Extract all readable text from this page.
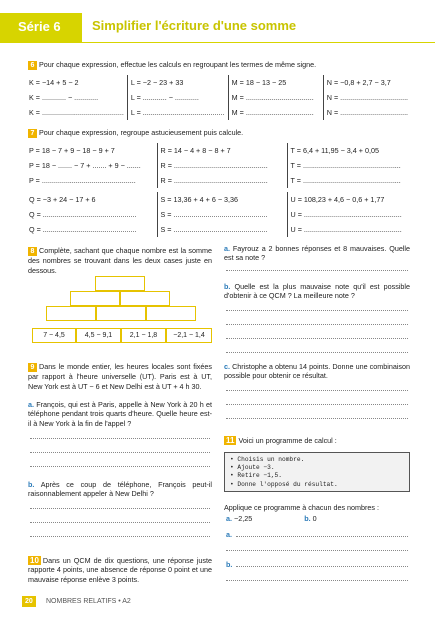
Série 6	Simplifier l'écriture d'une somme
6 Pour chaque expression, effectue les calculs en regroupant les termes de même signe.
K = −14 + 5 − 2	L = −2 − 23 + 33	M = 18 − 13 − 25	N = −0,8 + 2,7 − 3,7
K = ............ − ............	L = ............ − ............	M = ..................................	N = ..................................
K = .........................................	L = .........................................	M = ..................................	N = ..................................
7 Pour chaque expression, regroupe astucieusement puis calcule.
P = 18 − 7 + 9 − 18 − 9 + 7	R = 14 − 4 + 8 − 8 + 7	T = 6,4 + 11,95 − 3,4 + 0,05
P = 18 − ....... − 7 + ....... + 9 − .......	R = ...............................................	T = .................................................
P = ...............................................	R = ...............................................	T = .................................................
Q = −3 + 24 − 17 + 6	S = 13,36 + 4 + 6 − 3,36	U = 108,23 + 4,6 − 0,6 + 1,77
Q = ...............................................	S = ...............................................	U = .................................................
Q = ...............................................	S = ...............................................	U = .................................................
8 Complète, sachant que chaque nombre est la somme des nombres se trouvant dans les deux cases juste en dessous.
7 − 4,5	4,5 − 9,1	2,1 − 1,8	−2,1 − 1,4
9 Dans le monde entier, les heures locales sont fixées par rapport à l'heure universelle (UT). Paris est à UT, New York est à UT − 6 et New Delhi est à UT + 4 h 30.
a. François, qui est à Paris, appelle à New York à 20 h et téléphone pendant trois quarts d'heure. Quelle heure est-il à New York à la fin de l'appel ?
b. Après ce coup de téléphone, François peut-il raisonnablement appeler à New Delhi ?
10 Dans un QCM de dix questions, une réponse juste rapporte 4 points, une absence de réponse 0 point et une mauvaise réponse enlève 3 points.
a. Fayrouz a 2 bonnes réponses et 8 mauvaises. Quelle est sa note ?
b. Quelle est la plus mauvaise note qu'il est possible d'obtenir à ce QCM ? La meilleure note ?
c. Christophe a obtenu 14 points. Donne une combinaison possible pour obtenir ce résultat.
11 Voici un programme de calcul :
• Choisis un nombre.
• Ajoute −3.
• Retire −1,5.
• Donne l'opposé du résultat.
Applique ce programme à chacun des nombres :
a. −2,25	b. 0
a.
b.
20	NOMBRES RELATIFS • A2
